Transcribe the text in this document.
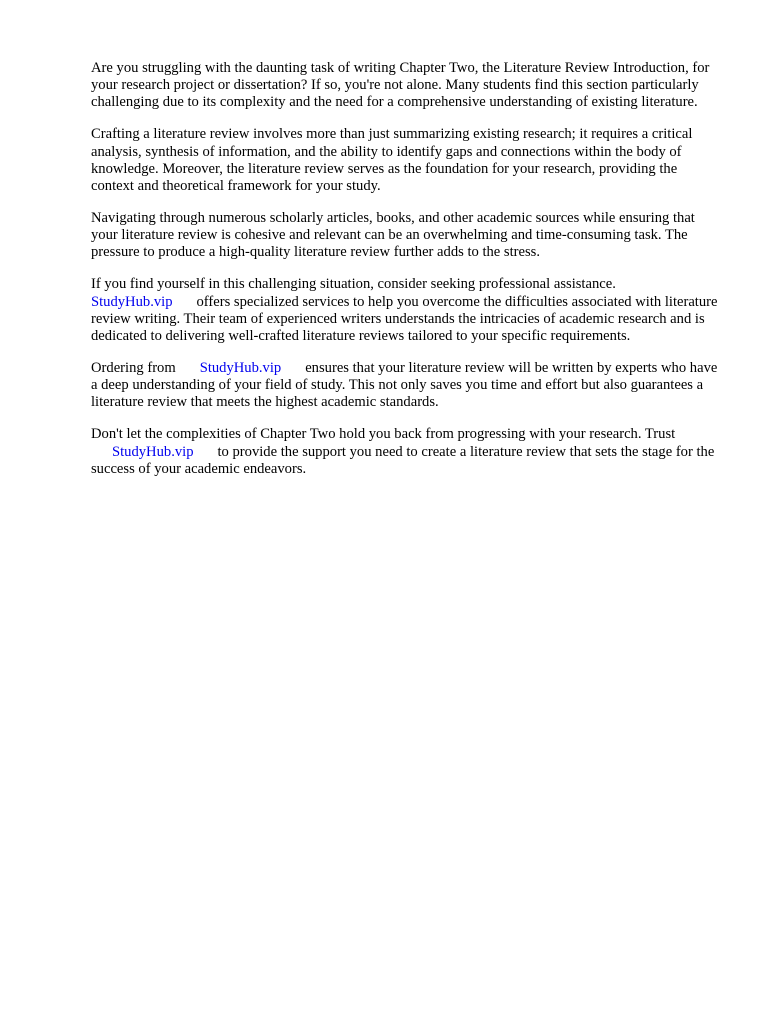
Are you struggling with the daunting task of writing Chapter Two, the Literature Review Introduction, for your research project or dissertation? If so, you're not alone. Many students find this section particularly challenging due to its complexity and the need for a comprehensive understanding of existing literature.

Crafting a literature review involves more than just summarizing existing research; it requires a critical analysis, synthesis of information, and the ability to identify gaps and connections within the body of knowledge. Moreover, the literature review serves as the foundation for your research, providing the context and theoretical framework for your study.

Navigating through numerous scholarly articles, books, and other academic sources while ensuring that your literature review is cohesive and relevant can be an overwhelming and time-consuming task. The pressure to produce a high-quality literature review further adds to the stress.

If you find yourself in this challenging situation, consider seeking professional assistance.
StudyHub.vip offers specialized services to help you overcome the difficulties associated with literature review writing. Their team of experienced writers understands the intricacies of academic research and is dedicated to delivering well-crafted literature reviews tailored to your specific requirements.

Ordering from StudyHub.vip ensures that your literature review will be written by experts who have a deep understanding of your field of study. This not only saves you time and effort but also guarantees a literature review that meets the highest academic standards.

Don't let the complexities of Chapter Two hold you back from progressing with your research. Trust
StudyHub.vip to provide the support you need to create a literature review that sets the stage for the success of your academic endeavors.
